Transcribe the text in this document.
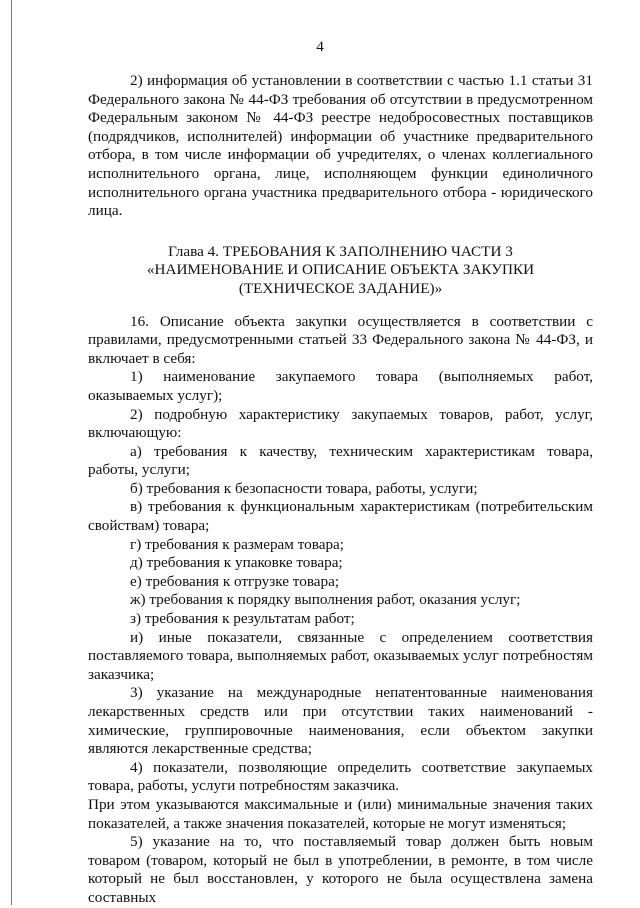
4

2) информация об установлении в соответствии с частью 1.1 статьи 31 Федерального закона № 44-ФЗ требования об отсутствии в предусмотренном Федеральным законом № 44-ФЗ реестре недобросовестных поставщиков (подрядчиков, исполнителей) информации об участнике предварительного отбора, в том числе информации об учредителях, о членах коллегиального исполнительного органа, лице, исполняющем функции единоличного исполнительного органа участника предварительного отбора - юридического лица.

Глава 4. ТРЕБОВАНИЯ К ЗАПОЛНЕНИЮ ЧАСТИ 3
«НАИМЕНОВАНИЕ И ОПИСАНИЕ ОБЪЕКТА ЗАКУПКИ
(ТЕХНИЧЕСКОЕ ЗАДАНИЕ)»

16. Описание объекта закупки осуществляется в соответствии с правилами, предусмотренными статьей 33 Федерального закона № 44-ФЗ, и включает в себя:

1) наименование закупаемого товара (выполняемых работ, оказываемых услуг);

2) подробную характеристику закупаемых товаров, работ, услуг, включающую:

а) требования к качеству, техническим характеристикам товара, работы, услуги;

б) требования к безопасности товара, работы, услуги;

в) требования к функциональным характеристикам (потребительским свойствам) товара;

г) требования к размерам товара;

д) требования к упаковке товара;

е) требования к отгрузке товара;

ж) требования к порядку выполнения работ, оказания услуг;

з) требования к результатам работ;

и) иные показатели, связанные с определением соответствия поставляемого товара, выполняемых работ, оказываемых услуг потребностям заказчика;

3) указание на международные непатентованные наименования лекарственных средств или при отсутствии таких наименований - химические, группировочные наименования, если объектом закупки являются лекарственные средства;

4) показатели, позволяющие определить соответствие закупаемых товара, работы, услуги потребностям заказчика.

При этом указываются максимальные и (или) минимальные значения таких показателей, а также значения показателей, которые не могут изменяться;

5) указание на то, что поставляемый товар должен быть новым товаром (товаром, который не был в употреблении, в ремонте, в том числе который не был восстановлен, у которого не была осуществлена замена составных
